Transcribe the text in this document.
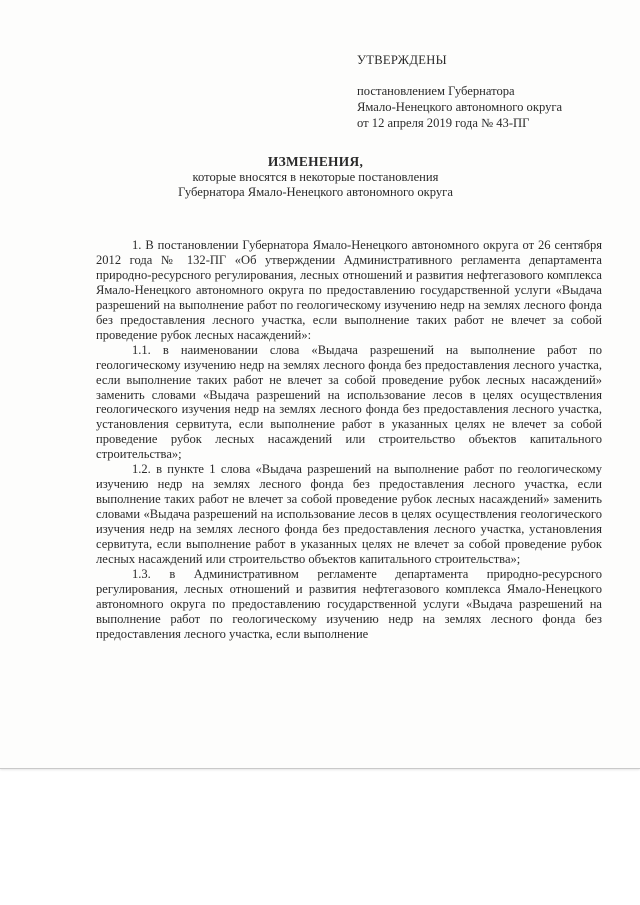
УТВЕРЖДЕНЫ
постановлением Губернатора
Ямало-Ненецкого автономного округа
от 12 апреля 2019 года № 43-ПГ
ИЗМЕНЕНИЯ,
которые вносятся в некоторые постановления
Губернатора Ямало-Ненецкого автономного округа

1. В постановлении Губернатора Ямало-Ненецкого автономного округа от 26 сентября 2012 года № 132-ПГ «Об утверждении Административного регламента департамента природно-ресурсного регулирования, лесных отношений и развития нефтегазового комплекса Ямало-Ненецкого автономного округа по предоставлению государственной услуги «Выдача разрешений на выполнение работ по геологическому изучению недр на землях лесного фонда без предоставления лесного участка, если выполнение таких работ не влечет за собой проведение рубок лесных насаждений»:

1.1. в наименовании слова «Выдача разрешений на выполнение работ по геологическому изучению недр на землях лесного фонда без предоставления лесного участка, если выполнение таких работ не влечет за собой проведение рубок лесных насаждений» заменить словами «Выдача разрешений на использование лесов в целях осуществления геологического изучения недр на землях лесного фонда без предоставления лесного участка, установления сервитута, если выполнение работ в указанных целях не влечет за собой проведение рубок лесных насаждений или строительство объектов капитального строительства»;

1.2. в пункте 1 слова «Выдача разрешений на выполнение работ по геологическому изучению недр на землях лесного фонда без предоставления лесного участка, если выполнение таких работ не влечет за собой проведение рубок лесных насаждений» заменить словами «Выдача разрешений на использование лесов в целях осуществления геологического изучения недр на землях лесного фонда без предоставления лесного участка, установления сервитута, если выполнение работ в указанных целях не влечет за собой проведение рубок лесных насаждений или строительство объектов капитального строительства»;

1.3. в Административном регламенте департамента природно-ресурсного регулирования, лесных отношений и развития нефтегазового комплекса Ямало-Ненецкого автономного округа по предоставлению государственной услуги «Выдача разрешений на выполнение работ по геологическому изучению недр на землях лесного фонда без предоставления лесного участка, если выполнение
